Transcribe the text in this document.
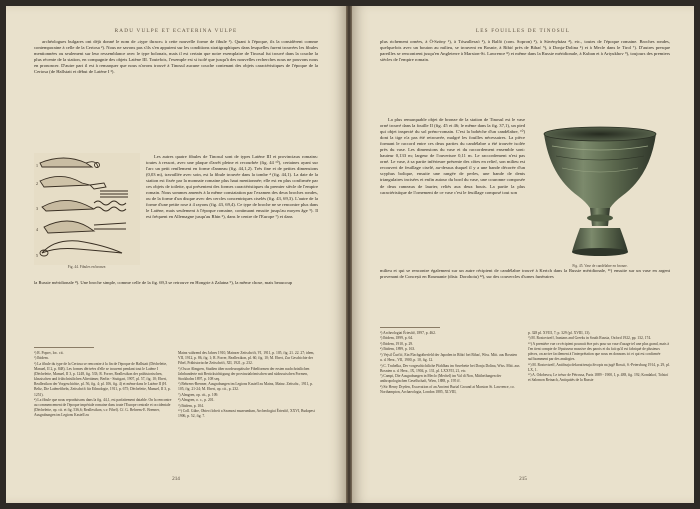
RADU VULPE ET ECATERINA VULPE

archéologues bulgares ont déjà donné le nom de «type thrace» à cette nouvelle forme de fibule ¹). Quant à l'époque, ils la considèrent comme contemporaine à celle de la Certosa ²). Nous ne savons pas s'ils s'en appuient sur les conditions stratigraphiques dans lesquelles furent trouvées les fibules mentionnées ou seulement sur leur ressemblance avec le type bolonais, mais il est certain que notre exemplaire de Tinosul fut trouvé dans la couche la plus récente de la station, en compagnie des objets Latène III. Toutefois, l'exemple est si isolé que jusqu'à des nouvelles recherches nous ne pouvons nous en prononcer. D'autre part il est à remarquer que nous n'avons trouvé à Tinosul aucune couche contenant des objets caractéristiques de l'époque de la Certosa (de Hallstatt et début de Latène I ³).

1
2
3
4
5
Fig. 44. Fibules en bronze.

Les autres quatre fibules de Tinosul sont de types Latène III et provinciaux romains: toutes à ressort, avec une plaque d'arrêt pleine et recourbée (fig. 44 ¹⁰), certaines ayant sur l'arc un petit renflement en forme d'anneau (fig. 44,1,2). Très fine et de petites dimensions (0,03 m), travaillée avec soin, est la fibule trouvée dans la tombe ⁴ (fig. 44,1). La date de la station est fixée par la monnaie romaine plus haut mentionnée; elle est en plus confirmée par ces objets de toilette, qui présentent des formes caractéristiques du premier siècle de l'empire romain. Nous sommes amenés à la même constatation par l'examen des deux broches rondes, ou de la forme d'un disque avec des cercles concentriques ciselés (fig. 43, 69,3). L'autre de la forme d'une petite rose à 4 rayons (fig. 43, 69,4). Ce type de broche ne se rencontre plus dans le Latène, mais seulement à l'époque romaine, continuant ensuite jusqu'au moyen âge ⁵). Il est fréquent en Allemagne jusqu'au Rhin ⁶), dans le centre de l'Europe ⁷) et dans

la Russie méridionale ⁸). Une broche simple, comme celle de la fig. 69,3 se retrouve en Hongrie à Zalatna ⁹), la même chose, mais beaucoup

¹) R. Popov, loc. cit.

²) Ibidem.

³) La fibule du type de la Certosa se rencontre à la fin de l'époque de Hallstatt (Déchelette, Manuel, II 2, p. 848). Les formes dérivées d'elle se trouvent pendant tout le Latène I (Déchelette, Manuel, II 3, p. 1248, fig. 533; R. Forrer, Reallexikon der prähistorischen, klassischen und frühchristlichen Altertümer, Berlin - Stuttgart, 1907, pl. 57, fig. 10; Ebert, Reallexikon der Vorgeschichte, pl. 56, fig. 4; pl. 106, fig. 4) et même dans le Latène II (H. Beltz, Die Latènefibeln, Zeitschrift für Ethnologie, 1911, p. 675; Déchelette, Manuel, II 3, p. 1251).

⁴) La fibule que nous reproduisons dans la fig. 44,1, est parfaitement datable. On la rencontre au commencement de l'époque impériale romaine dans toute l'Europe centrale et occidentale (Déchelette, op. cit. et fig. 536,6; Reallexikon, s.v. Fibel). Cf. G. Behrens-E. Brenner, Ausgrabungen im Legions Kastell zu

Mainz während des Jahres 1910, Mainzer Zeitschrift, VI, 1911, p. 105, fig. 21. 22. 27; idem, VII, 1912, p. 86, fig. 1; R. Forrer, Reallexikon, pl. 60, fig. 10; M. Ebert, Zur Geschichte der Fibel, Prähistorische Zeitschrift, XII, 1921, p. 232.

⁵) Oscar Almgren, Studien über nordeuropäische Fibelformen der ersten nachchristlichen Jahrhunderte mit Berücksichtigung der provinzialrömischen und südrussischen Formen, Stockholm 1897, p. 108 seq.

⁶) Behrens-Brenner, Ausgrabungen im Legions Kastell zu Mainz, Mainz. Zeitschr., 1911, p. 105, fig. 21-24; M. Ebert, op. cit., p. 232.

⁷) Almgren, op. cit., p. 109.

⁸) Almgren, o. c., p. 201.

⁹) Ibidem, p. 104.

¹⁰) Coll. Gübe, Obiect loheit a Szamosi muzeumban, Archeologiai Értesítő, XXVI, Budapest 1906, p. 52, fig. 7.

214
LES FOUILLES DE TINOSUL

plus richement ornées, à Ö-Szöny ¹), à Tószalleszó ²), à Balfö (com. Sopron) ³), à Süvényháza ⁴), etc., toutes de l'époque romaine. Broches rondes, quelquefois avec un bouton au milieu, se trouvent en Bosnie, à Ribić près de Bihać ⁵), à Donja-Dolina ⁶) et à Mecle dans le Tirol ⁷). D'autres presque pareilles se rencontrent jusqu'en Angleterre à Marston-St. Lawrence ⁸) et même dans la Russie méridionale, à Kuban et à Artyukhov ⁹), toujours des premiers siècles de l'empire romain.

La plus remarquable objet de bronze de la station de Tinosul est le vase orné trouvé dans la fouille II (fig. 45 et 46; le même dans la fig. 37,1), un pied qui objet inspecté du sol préno-romain. C'est la bobèche d'un candélabre, ¹⁰) dont la tige n'a pas été retrouvée, malgré les fouilles nécessaires. La pièce formant le raccord entre ces deux parties du candélabre a été trouvée isolée près du vase. Les dimensions du vase et du raccordement ensemble sont: hauteur 0,133 m; largeur de l'ouverture 0,11 m. Le raccordement n'est pas orné. Le vase, à sa partie inférieure présente des côtes en relief, son milieu est recouvert de feuillage ciselé, au-dessus duquel il y a une bande décorée d'un scyphus bolique, ensuite une rangée de perles, une bande de dents triangulaires incisées et enfin autour du bord du vase, une couronne composée de deux rameaux de laurier, reliés aux deux bouts. La partie la plus caractéristique de l'ornement de ce vase c'est le feuillage composé tout son

Fig. 45. Vase de candélabre en bronze.

milieu et qui se rencontre également sur un autre récipient de candélabre trouvé à Kertch dans la Russie méridionale, ¹¹) ensuite sur un vase en argent provenant de Concești en Roumanie (distr. Dorohoiu) ¹²), sur des couvercles d'urnes funéraires

¹) Archeologiai Értesítő, 1897, p. 462.

²) Ibidem, 1899, p. 64.

³) Ibidem, 1910, p. 29.

⁴) Ibidem, 1899, p. 163.

⁵) Vejsil Čurčić, Ein Flachgräberfeld der Japoden in Ribić bei Bihać, Wiss. Mitt. aus Bosnien u. d. Herz., VII, 1900, p. 10, fig. 12.

⁶) C. Truhelka, Der vorgeschichtliche Pfahlbau im Savebette bei Donja Dolina, Wiss. Mitt. aus Bosnien u. d. Herz., IX, 1904, p. 131, pl. LXXVII, 21, etc.

⁷) Campi, Die Ausgrabungen in Meclo (Mechel) im Val di Non, Mittheilungen der anthropologischen Gesellschaft, Wien, 1888, p. 195 ff.

⁸) Sir Henry Dryden, Excavation of an Ancient Burial Ground at Marston St. Lawrence, co. Northampton, Archaeologia, London 1885, XLVIII,

p. 328 pl. XVIII, 7; p. 329 (pl. XVIII, 13).

⁹) M. Rostovtzeff, Iranians and Greeks in South Russia, Oxford 1922, pp. 132, 174.

¹⁰) A première vue ce récipient pourrait être pris pour un vase d'usage tel une plus grand, mais à l'en tient compte de l'épaisseur massive des parois et du fait qu'il est fabriqué de plusieurs pièces, on arrive facilement à l'interprétation que nous en donnons ici et qui est confirmée suffisamment par des analogies.

¹¹) M. Rostovtzeff, Antičnaja dekorativnaja živopis na jugě Rossii, S.-Petersburg 1914, p. 29, pl. LX, 1.

¹²) A. Odobescu, Le trésor de Pétrossa, Paris 1889 - 1900, I, p. 488, fig. 192; Kondakof, Tolstoï et Salomon Reinach, Antiquités de la Russie

215
